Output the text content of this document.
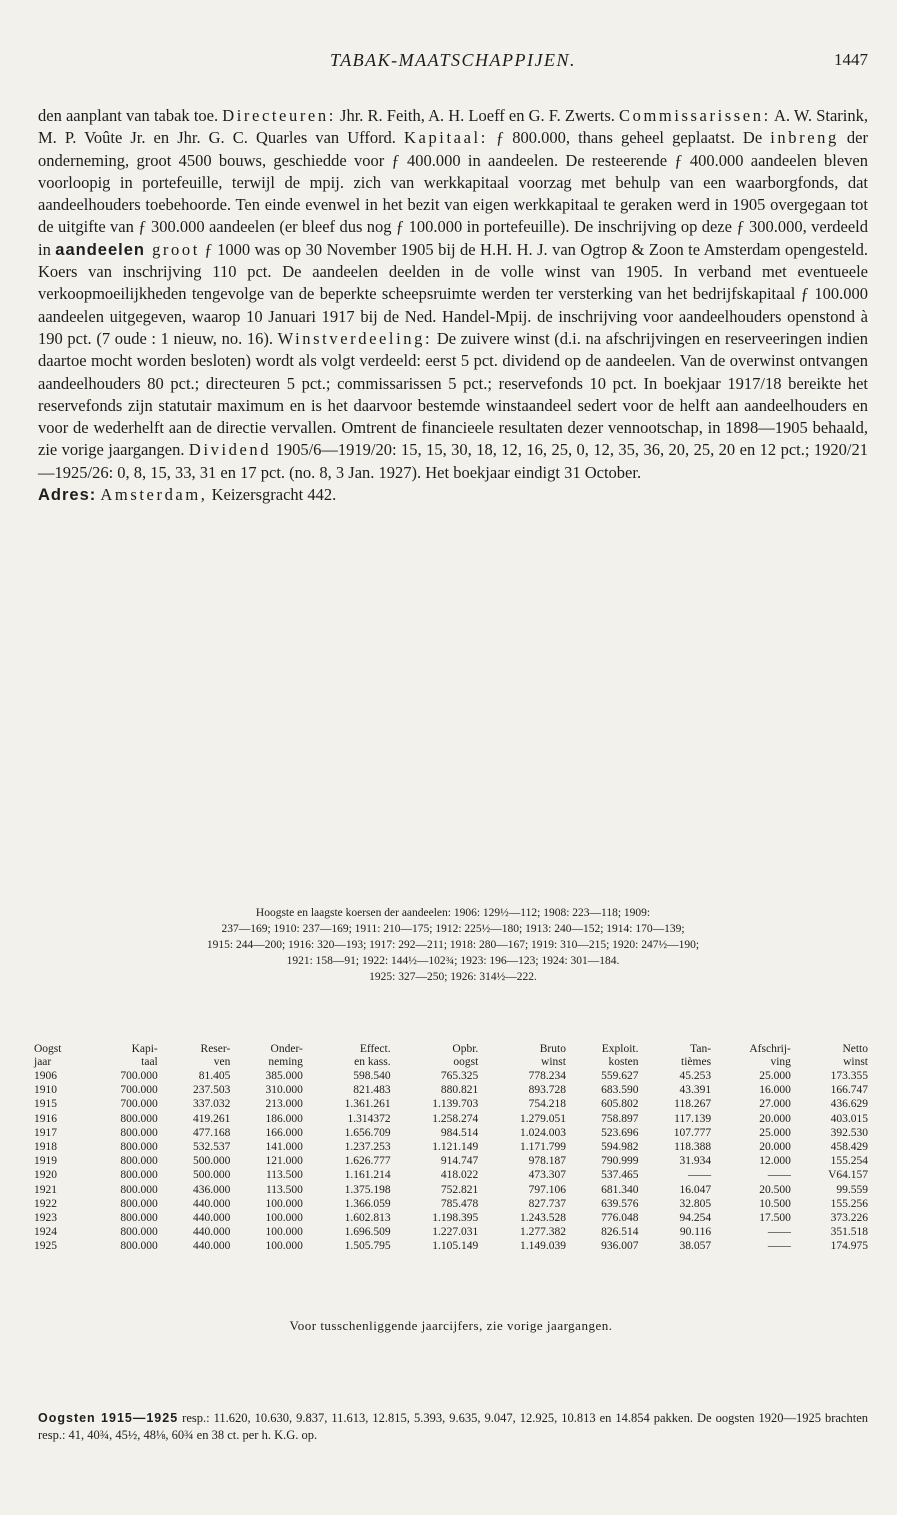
TABAK-MAATSCHAPPIJEN.	1447

den aanplant van tabak toe. Directeuren: Jhr. R. Feith, A. H. Loeff en G. F. Zwerts. Commissarissen: A. W. Starink, M. P. Voûte Jr. en Jhr. G. C. Quarles van Ufford. Kapitaal: ƒ 800.000, thans geheel geplaatst. De inbreng der onderneming, groot 4500 bouws, geschiedde voor ƒ 400.000 in aandeelen. De resteerende ƒ 400.000 aandeelen bleven voorloopig in portefeuille, terwijl de mpij. zich van werkkapitaal voorzag met behulp van een waarborgfonds, dat aandeelhouders toebehoorde. Ten einde evenwel in het bezit van eigen werkkapitaal te geraken werd in 1905 overgegaan tot de uitgifte van ƒ 300.000 aandeelen (er bleef dus nog ƒ 100.000 in portefeuille). De inschrijving op deze ƒ 300.000, verdeeld in aandeelen groot ƒ 1000 was op 30 November 1905 bij de H.H. H. J. van Ogtrop & Zoon te Amsterdam opengesteld. Koers van inschrijving 110 pct. De aandeelen deelden in de volle winst van 1905. In verband met eventueele verkoopmoeilijkheden tengevolge van de beperkte scheepsruimte werden ter versterking van het bedrijfskapitaal ƒ 100.000 aandeelen uitgegeven, waarop 10 Januari 1917 bij de Ned. Handel-Mpij. de inschrijving voor aandeelhouders openstond à 190 pct. (7 oude : 1 nieuw, no. 16). Winstverdeeling: De zuivere winst (d.i. na afschrijvingen en reserveeringen indien daartoe mocht worden besloten) wordt als volgt verdeeld: eerst 5 pct. dividend op de aandeelen. Van de overwinst ontvangen aandeelhouders 80 pct.; directeuren 5 pct.; commissarissen 5 pct.; reservefonds 10 pct. In boekjaar 1917/18 bereikte het reservefonds zijn statutair maximum en is het daarvoor bestemde winstaandeel sedert voor de helft aan aandeelhouders en voor de wederhelft aan de directie vervallen. Omtrent de financieele resultaten dezer vennootschap, in 1898—1905 behaald, zie vorige jaargangen. Dividend 1905/6—1919/20: 15, 15, 30, 18, 12, 16, 25, 0, 12, 35, 36, 20, 25, 20 en 12 pct.; 1920/21—1925/26: 0, 8, 15, 33, 31 en 17 pct. (no. 8, 3 Jan. 1927). Het boekjaar eindigt 31 October.

Adres: Amsterdam, Keizersgracht 442.

Hoogste en laagste koersen der aandeelen: 1906: 129½—112; 1908: 223—118; 1909:

237—169; 1910: 237—169; 1911: 210—175; 1912: 225½—180; 1913: 240—152; 1914: 170—139;

1915: 244—200; 1916: 320—193; 1917: 292—211; 1918: 280—167; 1919: 310—215; 1920: 247½—190;

1921: 158—91; 1922: 144½—102¾; 1923: 196—123; 1924: 301—184.

1925: 327—250; 1926: 314½—222.

Oogst	Kapi-	Reser-	Onder-	Effect.	Opbr.	Bruto	Exploit.	Tan-	Afschrij-	Netto
jaar	taal	ven	neming	en kass.	oogst	winst	kosten	tièmes	ving	winst
1906	700.000	81.405	385.000	598.540	765.325	778.234	559.627	45.253	25.000	173.355
1910	700.000	237.503	310.000	821.483	880.821	893.728	683.590	43.391	16.000	166.747
1915	700.000	337.032	213.000	1.361.261	1.139.703	754.218	605.802	118.267	27.000	436.629
1916	800.000	419.261	186.000	1.314372	1.258.274	1.279.051	758.897	117.139	20.000	403.015
1917	800.000	477.168	166.000	1.656.709	984.514	1.024.003	523.696	107.777	25.000	392.530
1918	800.000	532.537	141.000	1.237.253	1.121.149	1.171.799	594.982	118.388	20.000	458.429
1919	800.000	500.000	121.000	1.626.777	914.747	978.187	790.999	31.934	12.000	155.254
1920	800.000	500.000	113.500	1.161.214	418.022	473.307	537.465	——	——	V64.157
1921	800.000	436.000	113.500	1.375.198	752.821	797.106	681.340	16.047	20.500	99.559
1922	800.000	440.000	100.000	1.366.059	785.478	827.737	639.576	32.805	10.500	155.256
1923	800.000	440.000	100.000	1.602.813	1.198.395	1.243.528	776.048	94.254	17.500	373.226
1924	800.000	440.000	100.000	1.696.509	1.227.031	1.277.382	826.514	90.116	——	351.518
1925	800.000	440.000	100.000	1.505.795	1.105.149	1.149.039	936.007	38.057	——	174.975
Voor tusschenliggende jaarcijfers, zie vorige jaargangen.

Oogsten 1915—1925 resp.: 11.620, 10.630, 9.837, 11.613, 12.815, 5.393, 9.635, 9.047, 12.925, 10.813 en 14.854 pakken. De oogsten 1920—1925 brachten resp.: 41, 40¾, 45½, 48⅛, 60¾ en 38 ct. per h. K.G. op.
